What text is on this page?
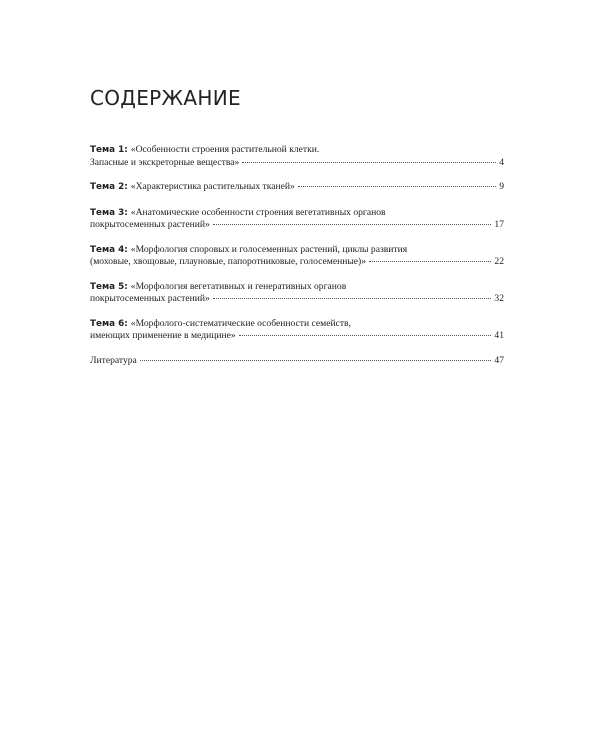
СОДЕРЖАНИЕ
Тема 1: «Особенности строения растительной клетки.
Запасные и экскреторные вещества»	4
Тема 2: «Характеристика растительных тканей»	9
Тема 3: «Анатомические особенности строения вегетативных органов
покрытосеменных растений»	17
Тема 4: «Морфология споровых и голосеменных растений, циклы развития
(моховые, хвощовые, плауновые, папоротниковые, голосеменные)»	22
Тема 5: «Морфология вегетативных и генеративных органов
покрытосеменных растений»	32
Тема 6: «Морфолого-систематические особенности семейств,
имеющих применение в медицине»	41
Литература	47
